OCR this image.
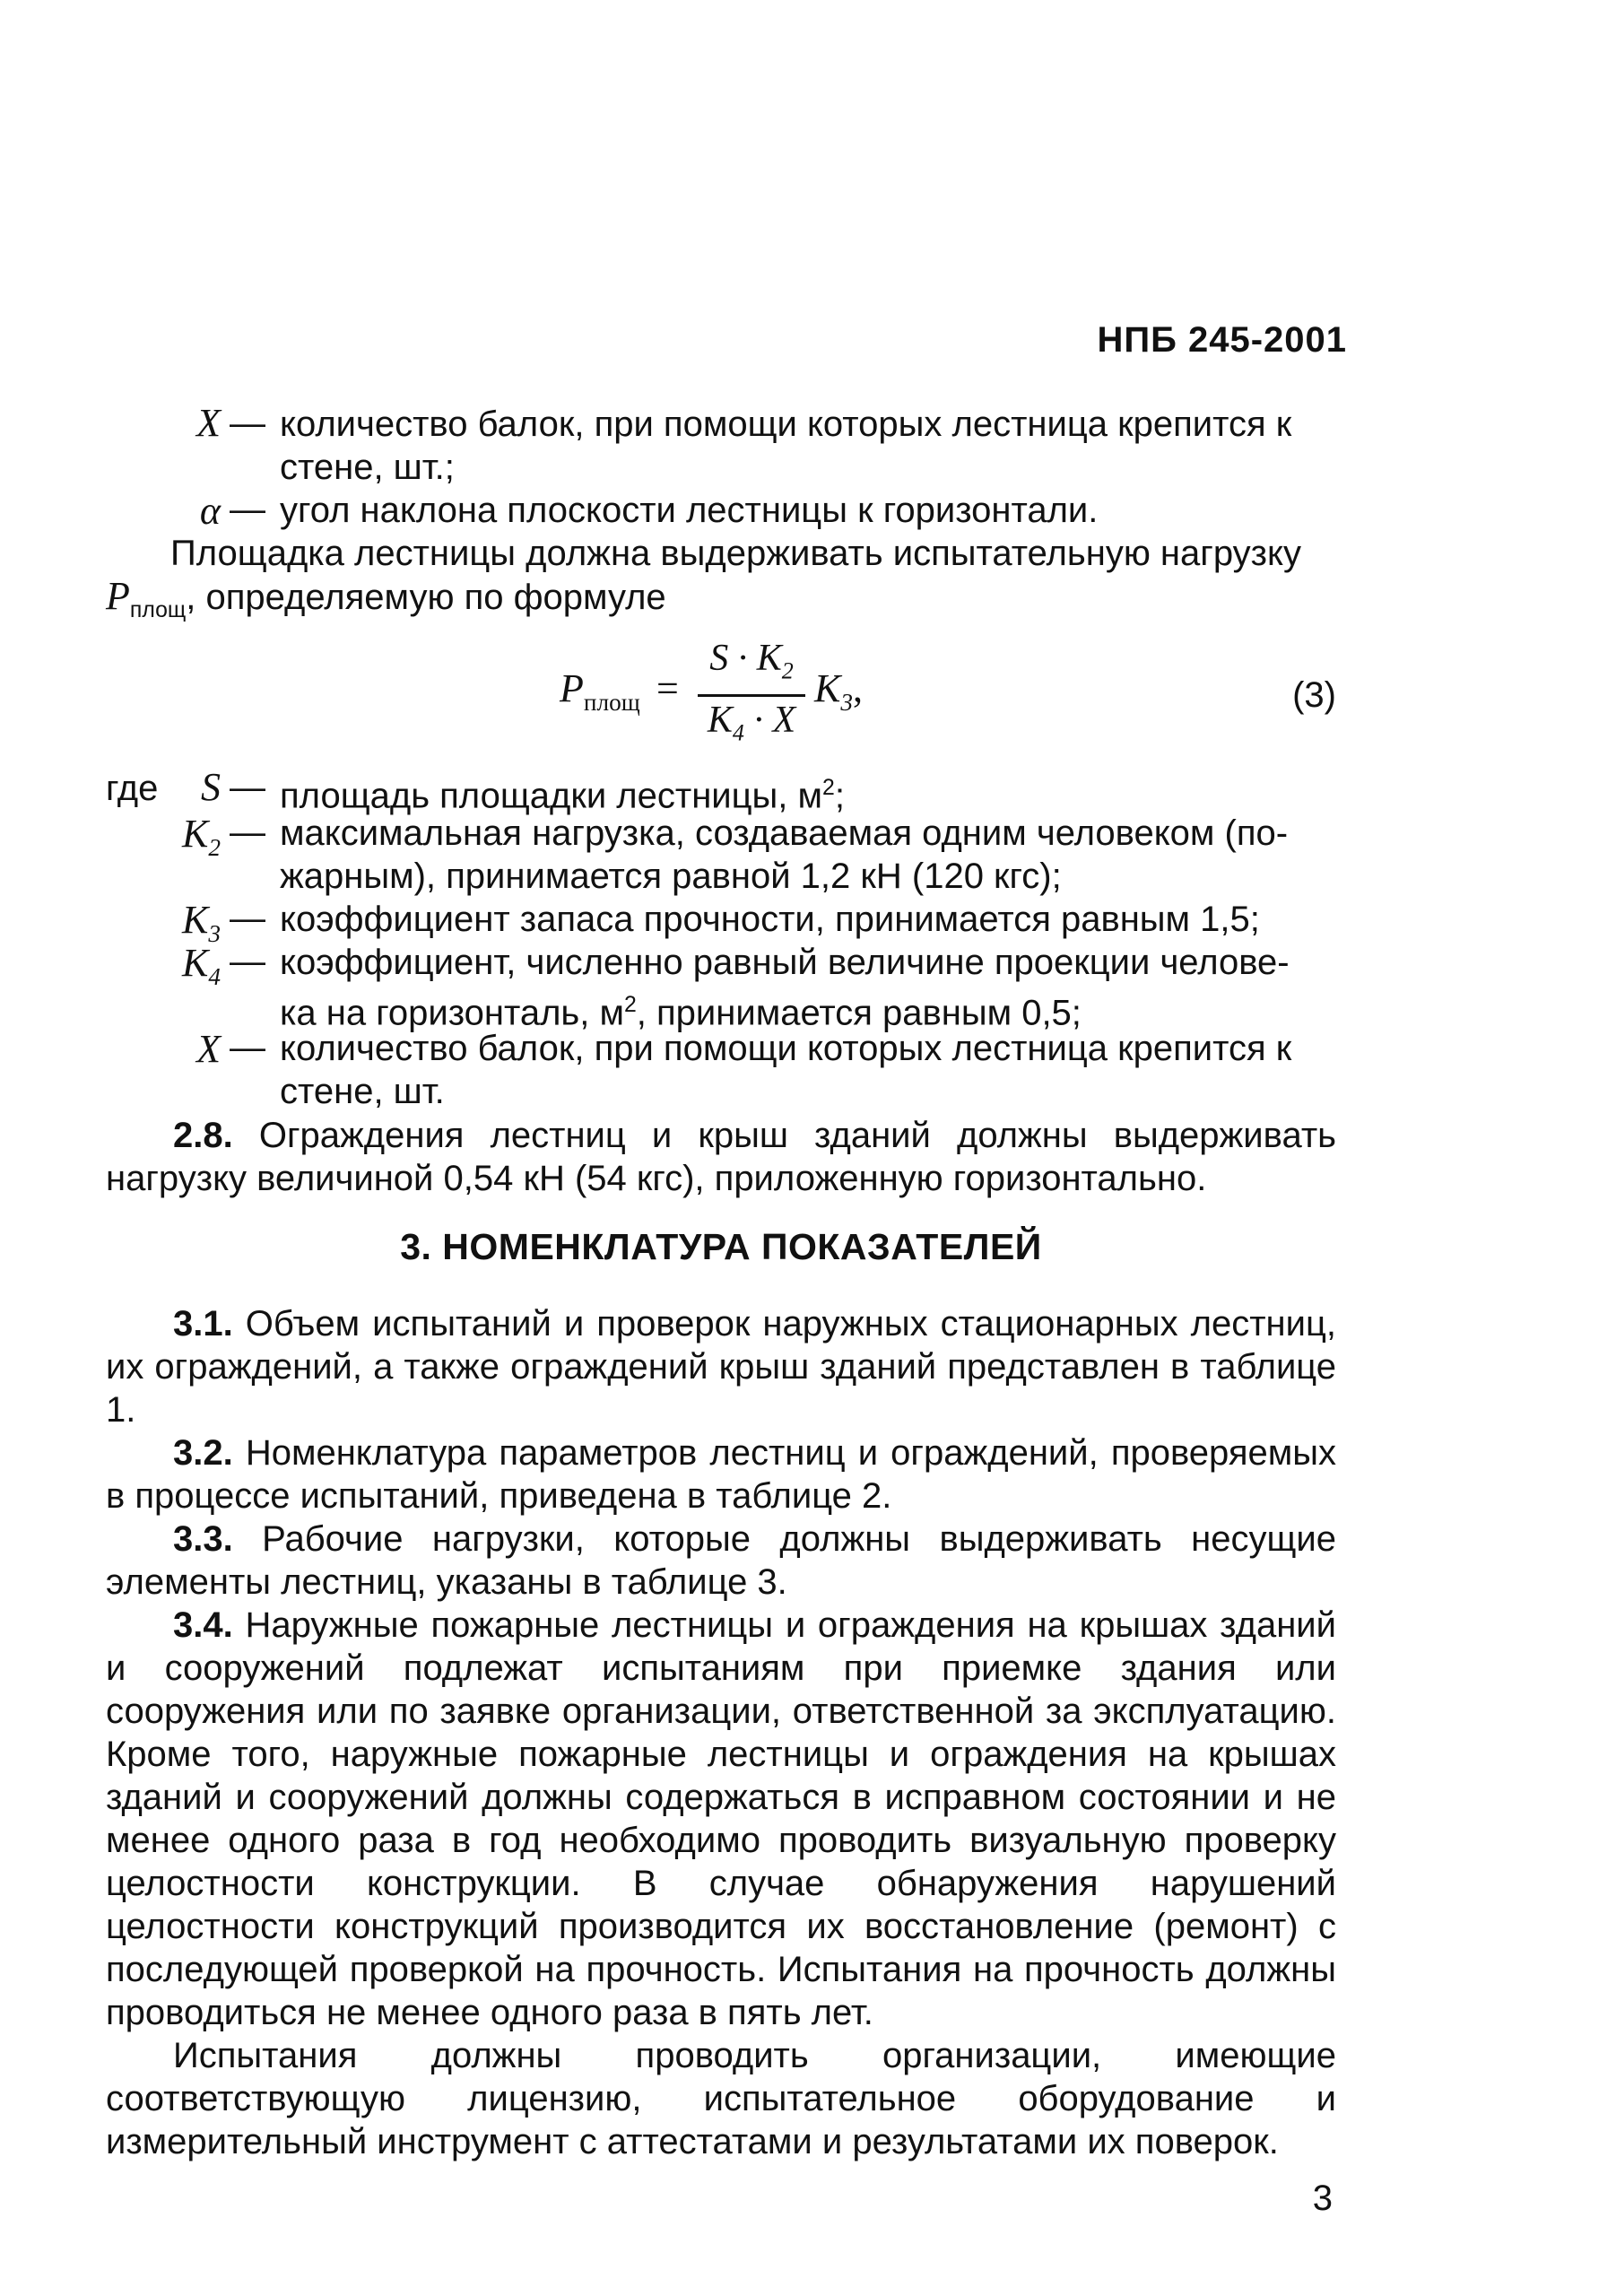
НПБ 245-2001
X — количество балок, при помощи которых лестница крепится к
стене, шт.;
α — угол наклона плоскости лестницы к горизонтали.
Площадка лестницы должна выдерживать испытательную нагрузку
$P_{площ}$, определяемую по формуле
$P_{площ}$ =
$S \cdot K_2$
$K_4 \cdot X$
$K_3$,	(3)
где	S — площадь площадки лестницы, $м^2$;
$K_2$ — максимальная нагрузка, создаваемая одним человеком (по-
жарным), принимается равной 1,2 кН (120 кгс);
$K_3$ — коэффициент запаса прочности, принимается равным 1,5;
$K_4$ — коэффициент, численно равный величине проекции челове-
ка на горизонталь, $м^2$, принимается равным 0,5;
X — количество балок, при помощи которых лестница крепится к
стене, шт.

2.8. Ограждения лестниц и крыш зданий должны выдерживать нагрузку величиной 0,54 кН (54 кгс), приложенную горизонтально.

3. НОМЕНКЛАТУРА ПОКАЗАТЕЛЕЙ

3.1. Объем испытаний и проверок наружных стационарных лестниц, их ограждений, а также ограждений крыш зданий представлен в таблице 1.

3.2. Номенклатура параметров лестниц и ограждений, проверяемых в процессе испытаний, приведена в таблице 2.

3.3. Рабочие нагрузки, которые должны выдерживать несущие элементы лестниц, указаны в таблице 3.

3.4. Наружные пожарные лестницы и ограждения на крышах зданий и сооружений подлежат испытаниям при приемке здания или сооружения или по заявке организации, ответственной за эксплуатацию. Кроме того, наружные пожарные лестницы и ограждения на крышах зданий и сооружений должны содержаться в исправном состоянии и не менее одного раза в год необходимо проводить визуальную проверку целостности конструкции. В случае обнаружения нарушений целостности конструкций производится их восстановление (ремонт) с последующей проверкой на прочность. Испытания на прочность должны проводиться не менее одного раза в пять лет.

Испытания должны проводить организации, имеющие соответствующую лицензию, испытательное оборудование и измерительный инструмент с аттестатами и результатами их поверок.

3
